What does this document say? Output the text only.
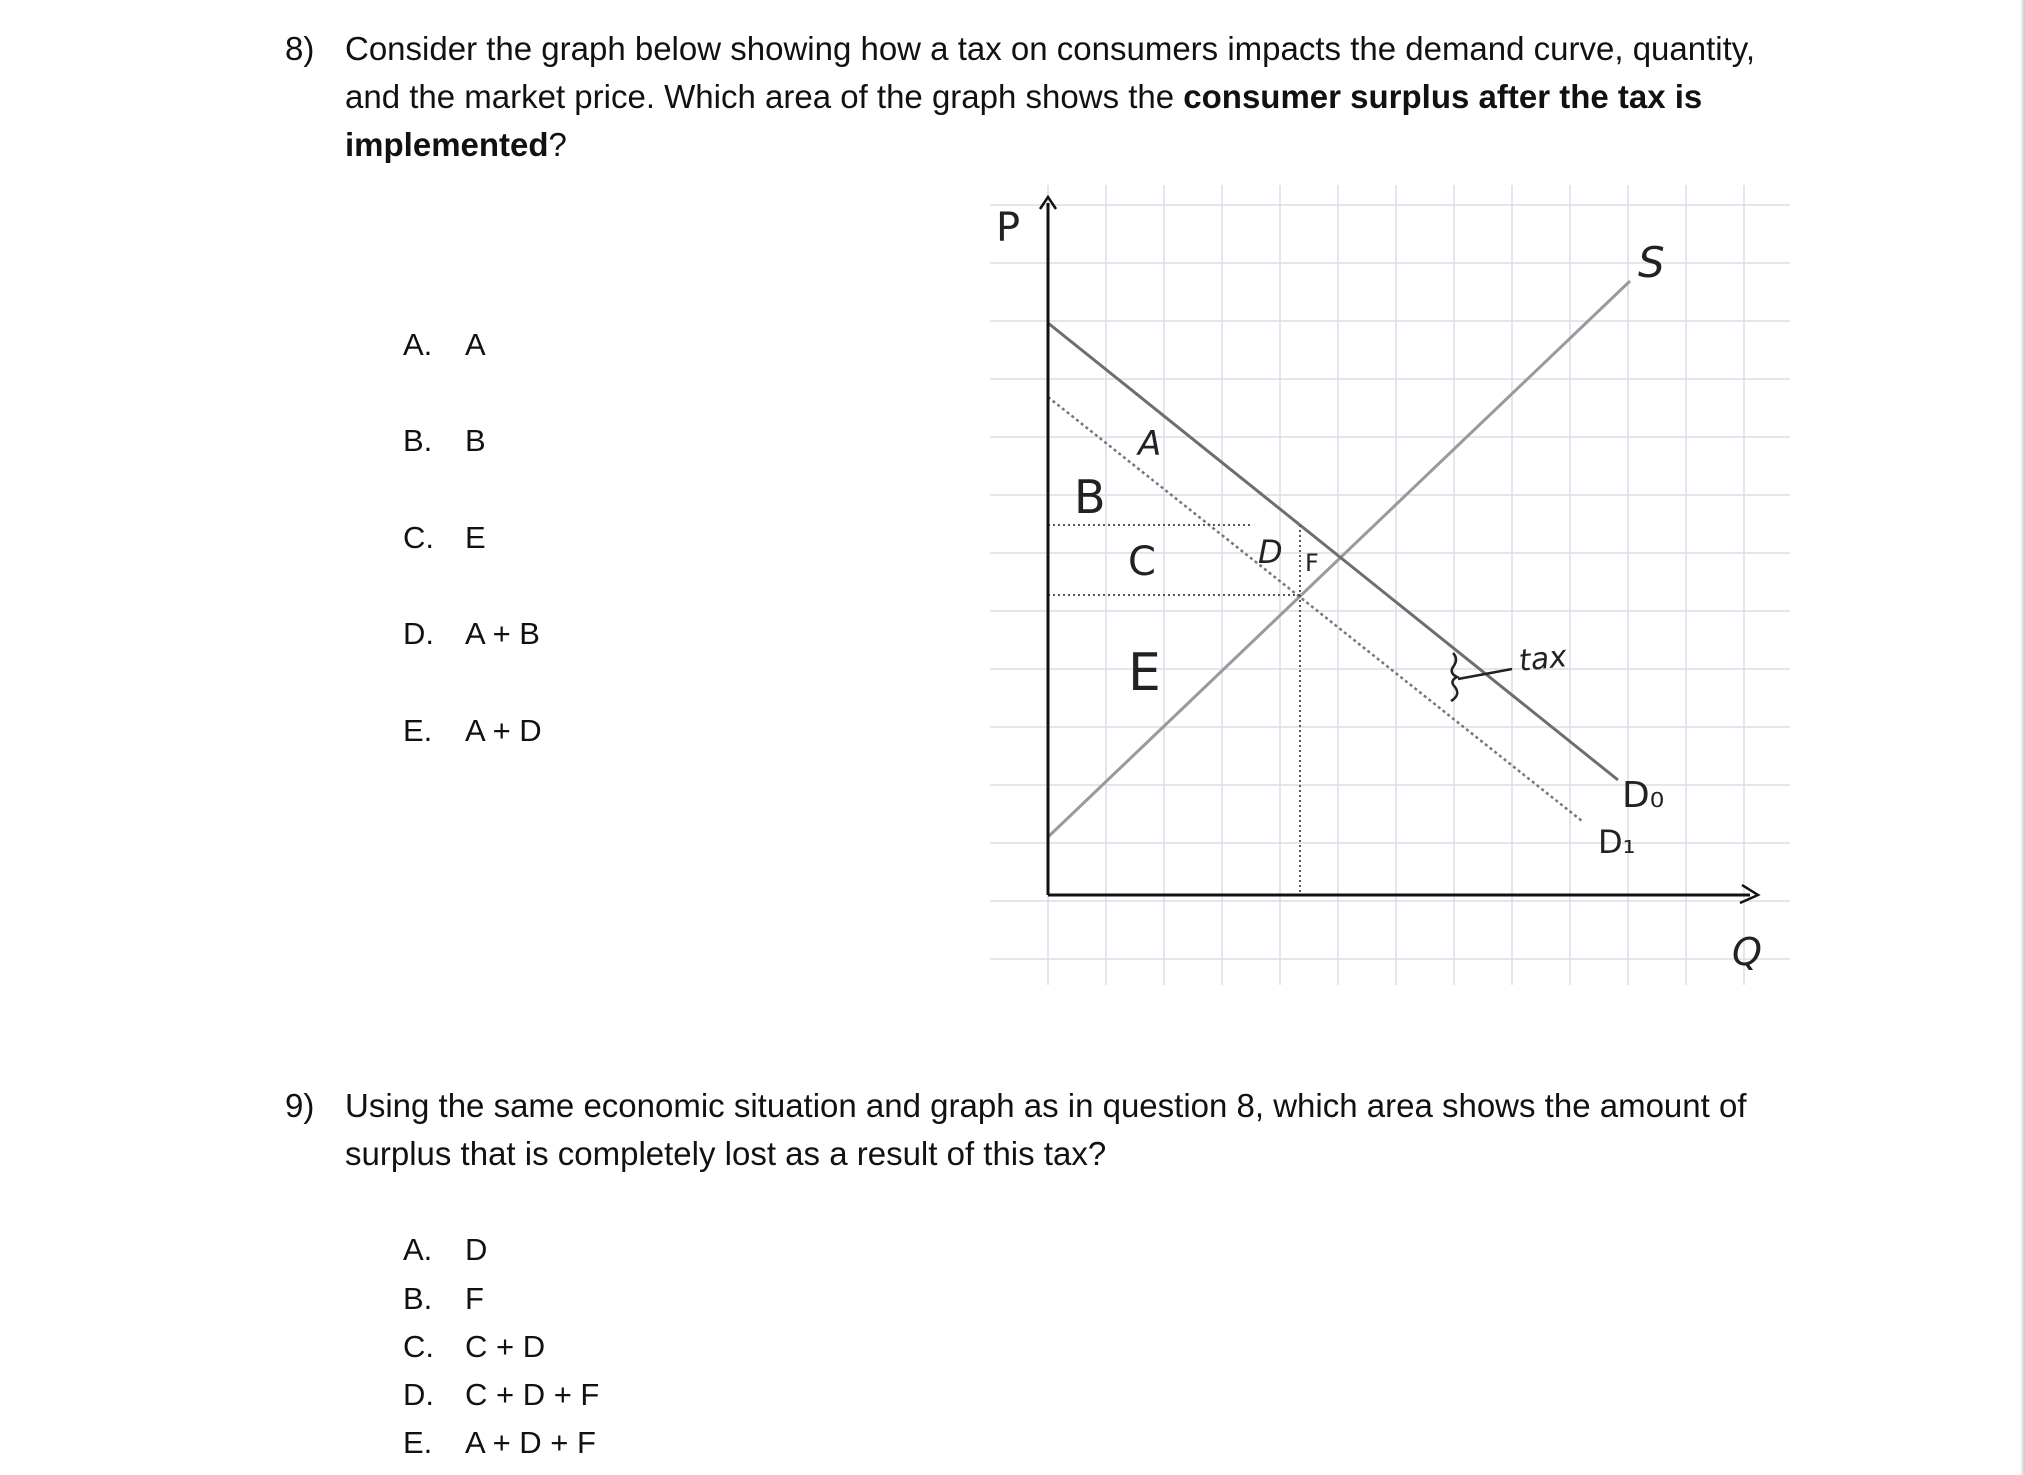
8) Consider the graph below showing how a tax on consumers impacts the demand curve, quantity, and the market price. Which area of the graph shows the consumer surplus after the tax is implemented?
A. A
B. B
C. E
D. A + B
E. A + D
P
Q
S
D₀
D₁
tax
A
B
C	D
E
F
9) Using the same economic situation and graph as in question 8, which area shows the amount of surplus that is completely lost as a result of this tax?
A. D
B. F
C. C + D
D. C + D + F
E. A + D + F
